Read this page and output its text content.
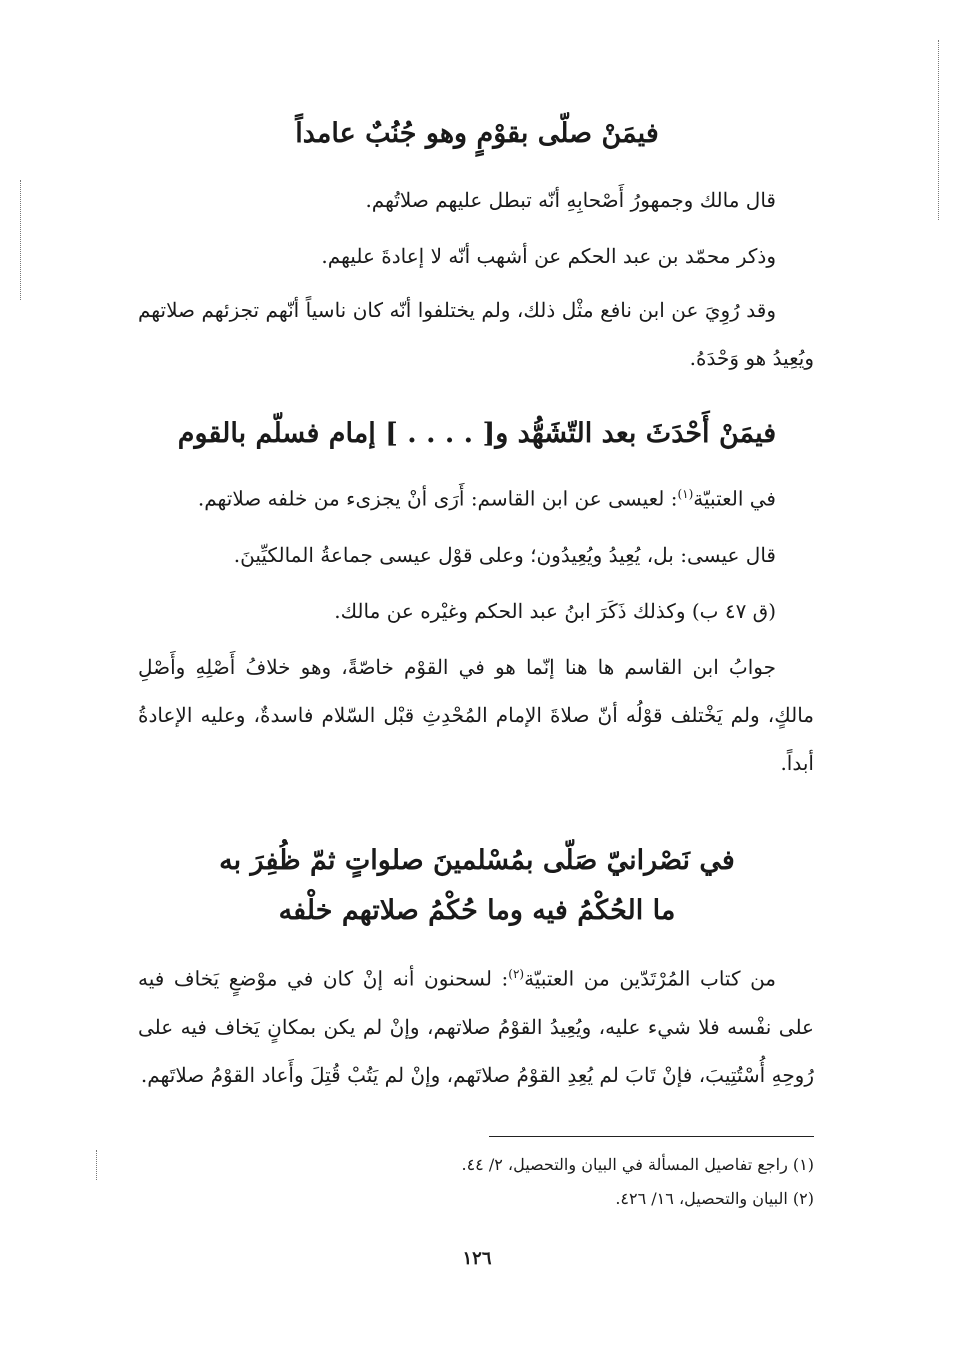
فيمَنْ صلّى بقوْمٍ وهو جُنُبٌ عامداً

قال مالك وجمهورُ أَصْحابِهِ أنّه تبطل عليهم صلاتُهم.

وذكر محمّد بن عبد الحكم عن أشهب أنّه لا إعادةَ عليهم.

وقد رُوِيَ عن ابن نافع مثْل ذلك، ولم يختلفوا أنّه كان ناسياً أنّهم تجزئهم صلاتهم ويُعِيدُ هو وَحْدَهُ.

فيمَنْ أَحْدَثَ بعد التّشَهُّد و[ . . . . ] إمام فسلّم بالقوم

في العتبيّة$^{(١)}$: لعيسى عن ابن القاسم: أَرَى أنْ يجزىء من خلفه صلاتهم.

قال عيسى: بل، يُعِيدُ ويُعِيدُون؛ وعلى قوْل عيسى جماعةُ المالكيِّينَ.

(ق ٤٧ ب) وكذلك ذَكَرَ ابنُ عبد الحكم وغيْره عن مالك.

جوابُ ابن القاسم ها هنا إنّما هو في القوْم خاصّةً، وهو خلافُ أَصْلِهِ وأَصْلِ مالكٍ، ولم يَخْتلف قوْلُه أنّ صلاةَ الإمام المُحْدِثِ قبْل السّلام فاسدةٌ، وعليه الإعادةُ أبداً.

في نَصْرانيّ صَلّى بمُسْلمينَ صلواتٍ ثمّ ظُفِرَ به
ما الحُكْمُ فيه وما حُكْمُ صلاتهم خلْفه

من كتاب المُرْتَدّين من العتبيّة$^{(٢)}$: لسحنون أنه إنْ كان في موْضعٍ يَخاف فيه على نفْسه فلا شيء عليه، ويُعِيدُ القوْمُ صلاتهم، وإنْ لم يكن بمكانٍ يَخاف فيه على رُوحِهِ أُسْتُتِيبَ، فإنْ تَابَ لم يُعِدِ القوْمُ صلاتَهم، وإنْ لم يَتُبْ قُتِلَ وأَعاد القوْمُ صلاتَهم.

(١) راجع تفاصيل المسألة في البيان والتحصيل، ٢/ ٤٤.
(٢) البيان والتحصيل، ١٦/ ٤٢٦.
١٢٦
